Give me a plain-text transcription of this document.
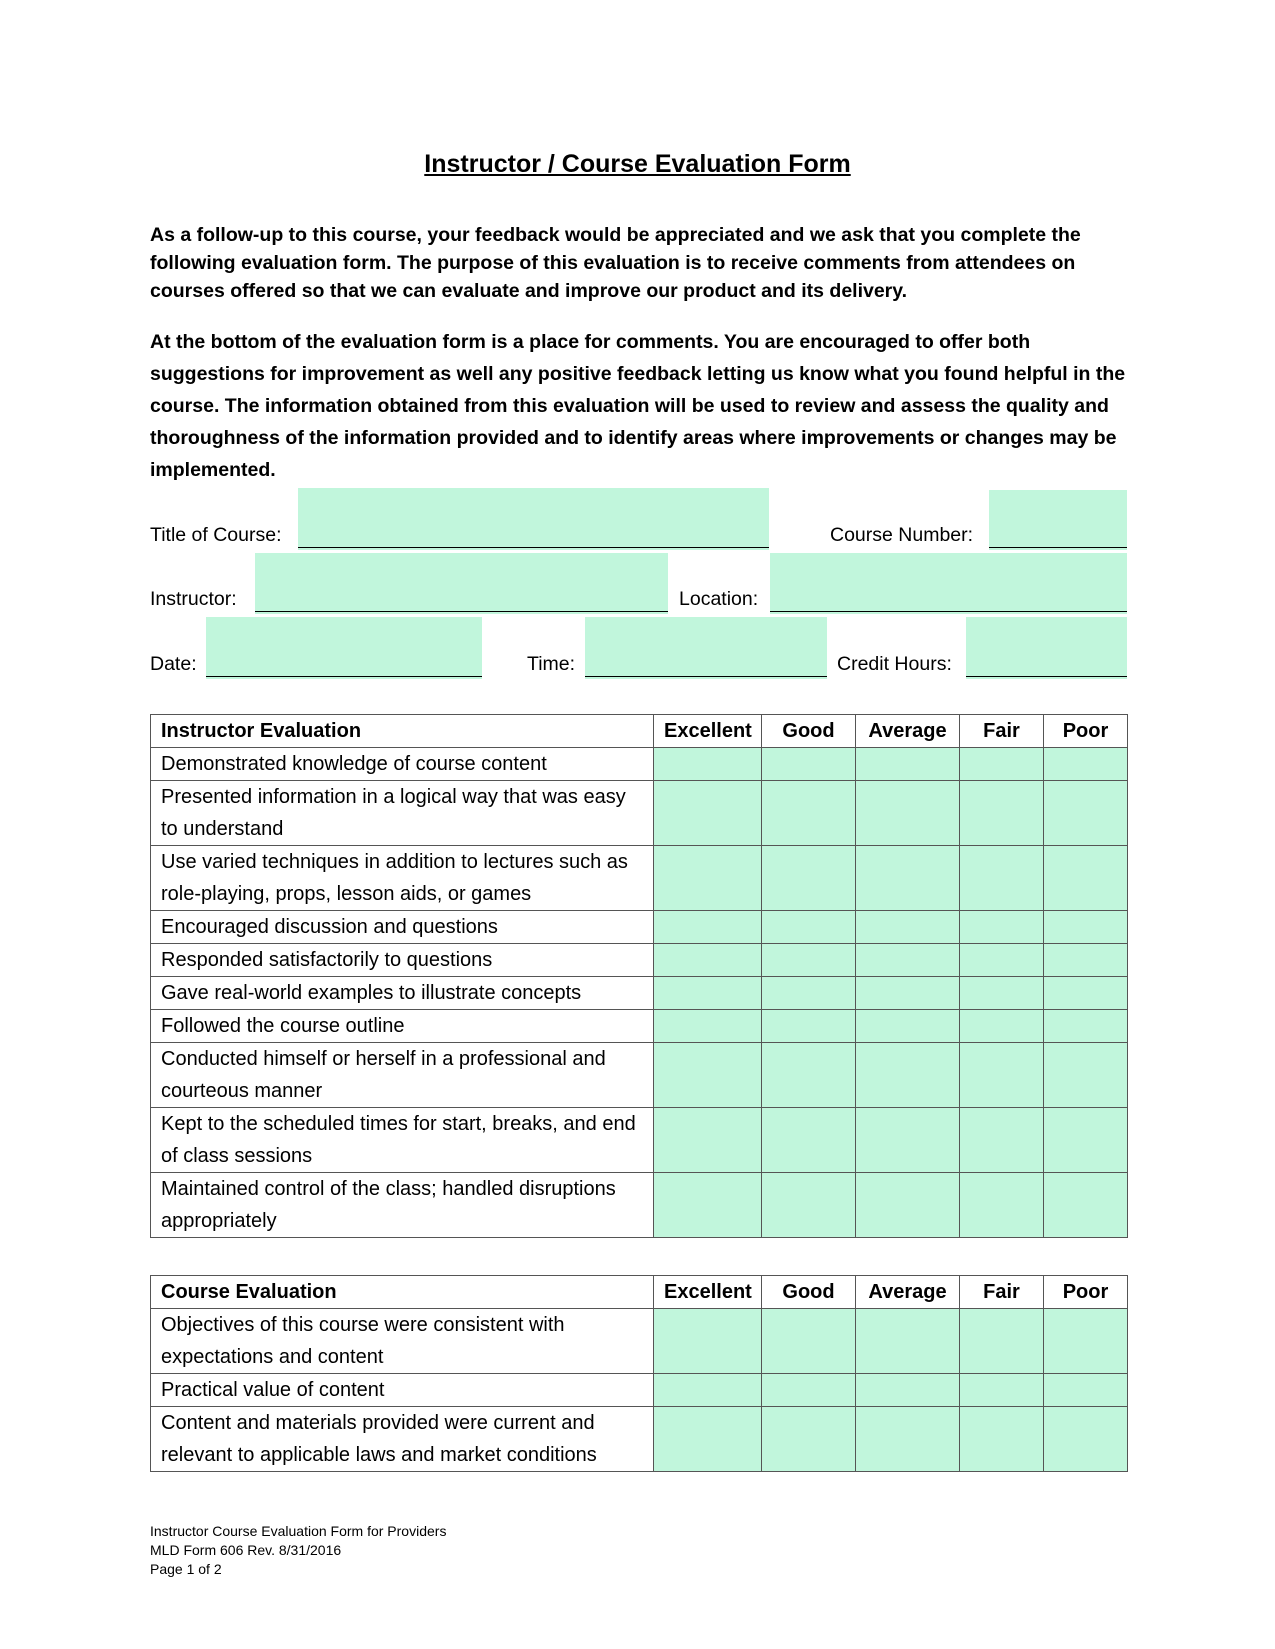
Instructor / Course Evaluation Form
As a follow-up to this course, your feedback would be appreciated and we ask that you complete the following evaluation form. The purpose of this evaluation is to receive comments from attendees on courses offered so that we can evaluate and improve our product and its delivery.
At the bottom of the evaluation form is a place for comments. You are encouraged to offer both suggestions for improvement as well any positive feedback letting us know what you found helpful in the course. The information obtained from this evaluation will be used to review and assess the quality and thoroughness of the information provided and to identify areas where improvements or changes may be implemented.
Title of Course:	Course Number:
Instructor:	Location:
Date:	Time:	Credit Hours:
Instructor Evaluation	Excellent	Good	Average	Fair	Poor
Demonstrated knowledge of course content					
Presented information in a logical way that was easy to understand					
Use varied techniques in addition to lectures such as role-playing, props, lesson aids, or games					
Encouraged discussion and questions					
Responded satisfactorily to questions					
Gave real-world examples to illustrate concepts					
Followed the course outline					
Conducted himself or herself in a professional and courteous manner					
Kept to the scheduled times for start, breaks, and end of class sessions					
Maintained control of the class; handled disruptions appropriately					
Course Evaluation	Excellent	Good	Average	Fair	Poor
Objectives of this course were consistent with expectations and content					
Practical value of content					
Content and materials provided were current and relevant to applicable laws and market conditions					
Instructor Course Evaluation Form for Providers
MLD Form 606 Rev. 8/31/2016
Page 1 of 2
